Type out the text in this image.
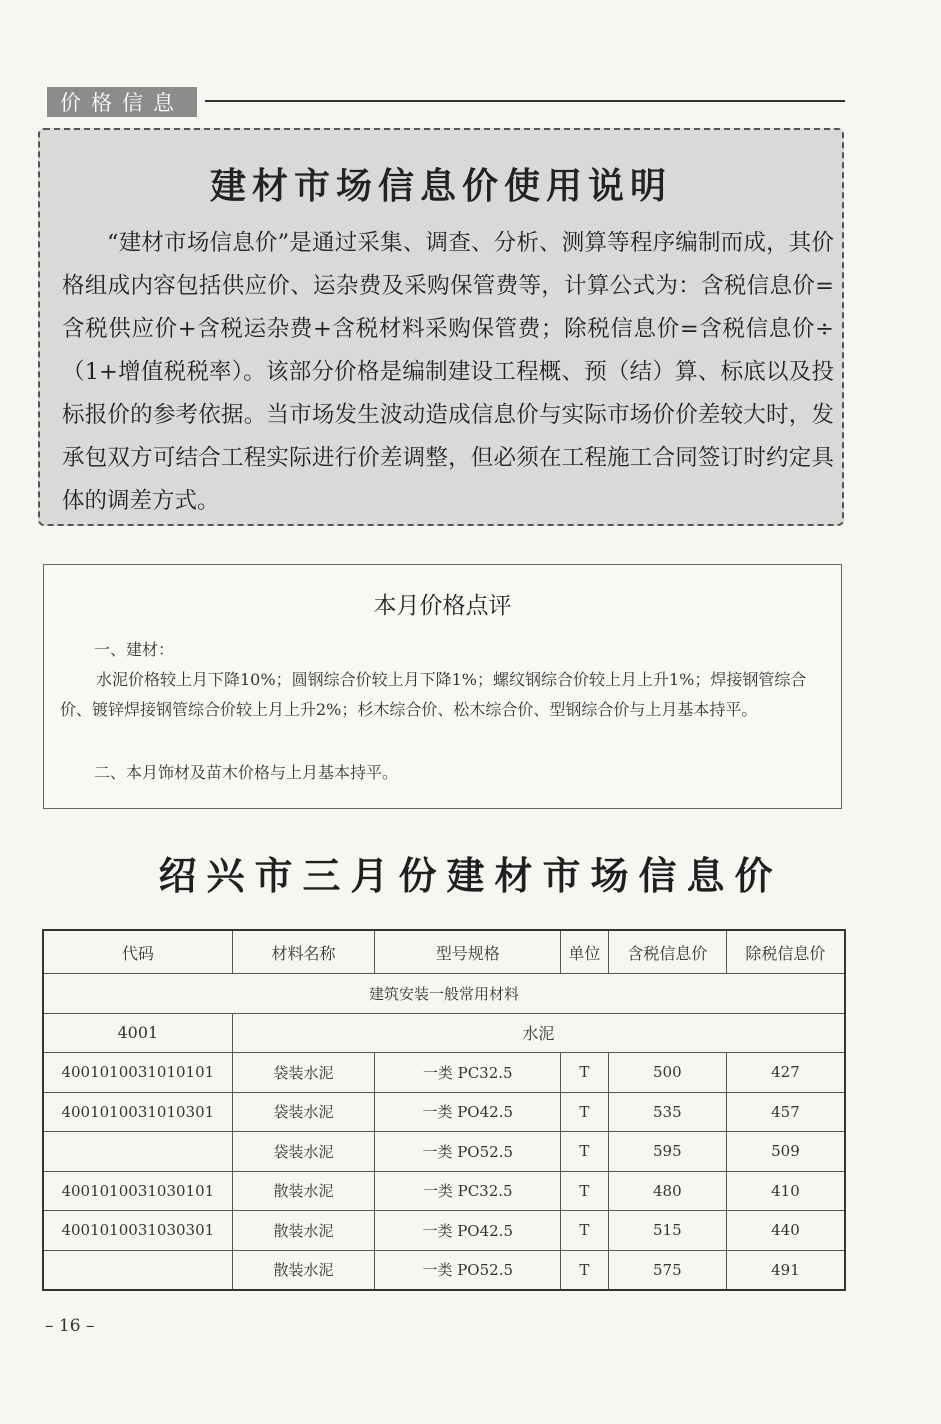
价格信息
建材市场信息价使用说明
“建材市场信息价”是通过采集、调查、分析、测算等程序编制而成，其价格组成内容包括供应价、运杂费及采购保管费等，计算公式为：含税信息价=含税供应价+含税运杂费+含税材料采购保管费；除税信息价=含税信息价÷（1+增值税税率）。该部分价格是编制建设工程概、预（结）算、标底以及投标报价的参考依据。当市场发生波动造成信息价与实际市场价价差较大时，发承包双方可结合工程实际进行价差调整，但必须在工程施工合同签订时约定具体的调差方式。
本月价格点评
一、建材：
水泥价格较上月下降10%；圆钢综合价较上月下降1%；螺纹钢综合价较上月上升1%；焊接钢管综合价、镀锌焊接钢管综合价较上月上升2%；杉木综合价、松木综合价、型钢综合价与上月基本持平。
二、本月饰材及苗木价格与上月基本持平。
绍兴市三月份建材市场信息价
代码	材料名称	型号规格	单位	含税信息价	除税信息价
建筑安装一般常用材料					
4001	水泥				
4001010031010101	袋装水泥	一类 PC32.5	T	500	427
4001010031010301	袋装水泥	一类 PO42.5	T	535	457
	袋装水泥	一类 PO52.5	T	595	509
4001010031030101	散装水泥	一类 PC32.5	T	480	410
4001010031030301	散装水泥	一类 PO42.5	T	515	440
	散装水泥	一类 PO52.5	T	575	491
– 16 –
